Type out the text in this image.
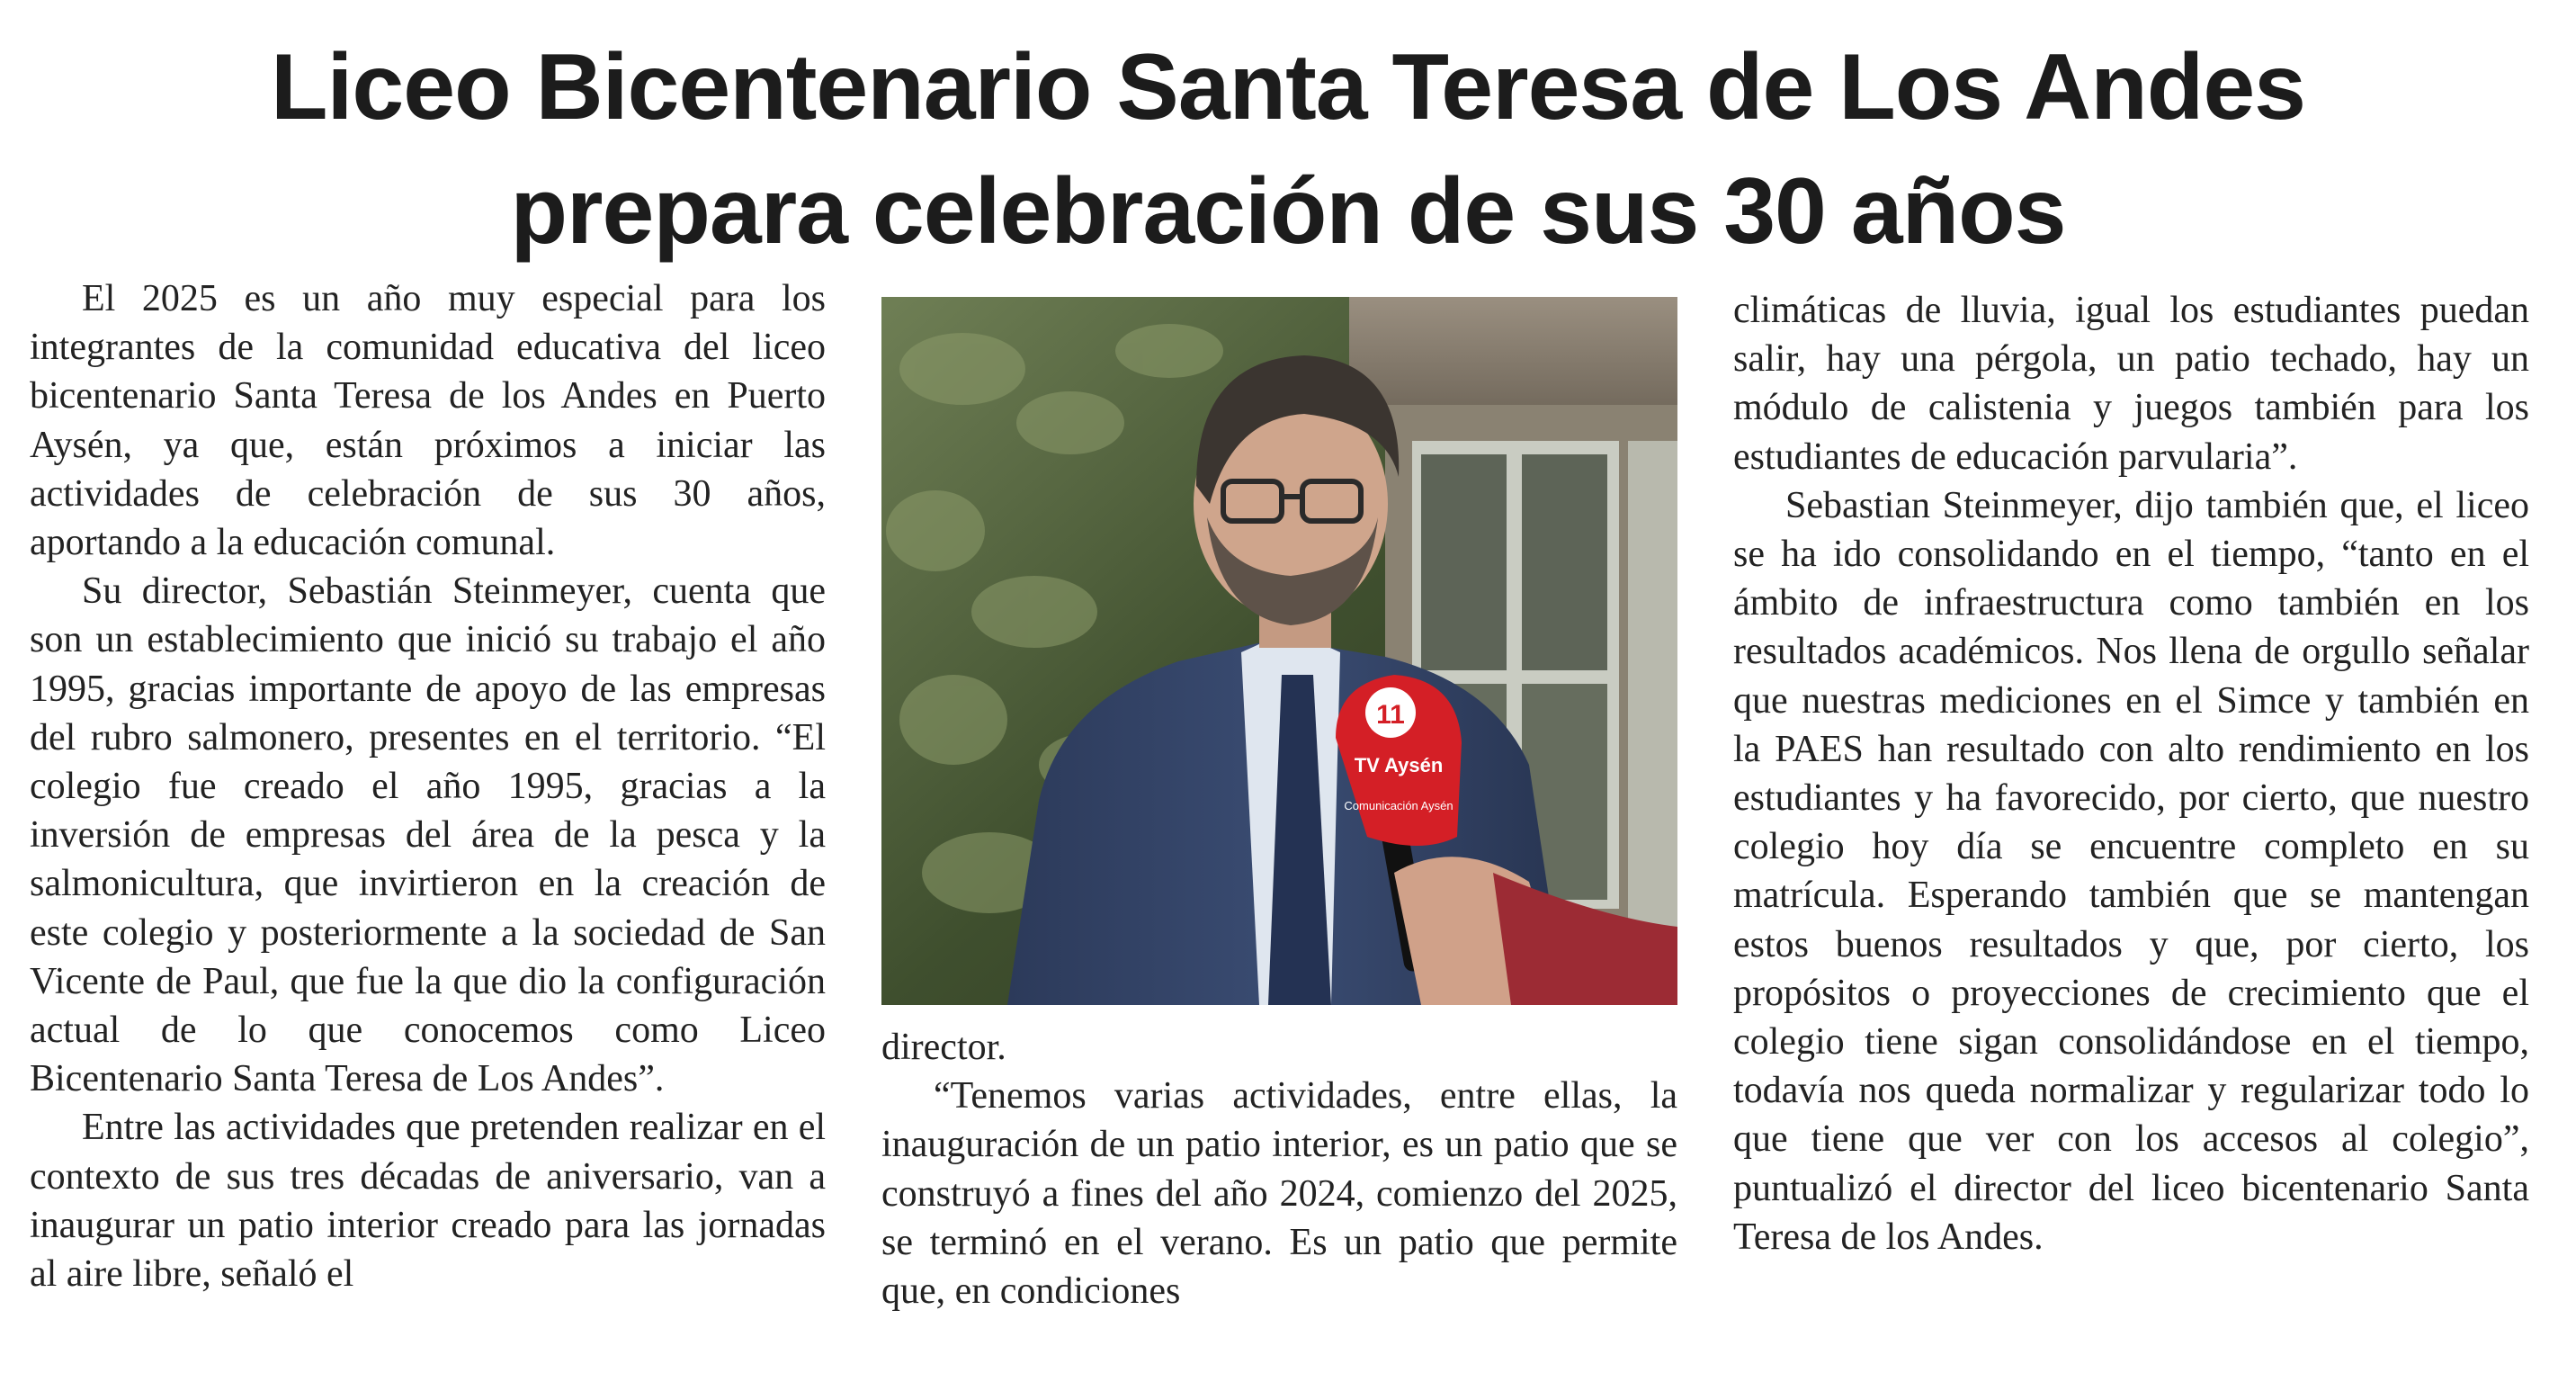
Liceo Bicentenario Santa Teresa de Los Andes
prepara celebración de sus 30 años

El 2025 es un año muy especial para los integrantes de la comunidad educativa del liceo bicentenario Santa Teresa de los Andes en Puerto Aysén, ya que, están próximos a iniciar las actividades de celebración de sus 30 años, aportando a la educación comunal.

Su director, Sebastián Steinmeyer, cuenta que son un establecimiento que inició su trabajo el año 1995, gracias importante de apoyo de las empresas del rubro salmonero, presentes en el territorio. “El colegio fue creado el año 1995, gracias a la inversión de empresas del área de la pesca y la salmonicultura, que invirtieron en la creación de este colegio y posteriormente a la sociedad de San Vicente de Paul, que fue la que dio la configuración actual de lo que conocemos como Liceo Bicentenario Santa Teresa de Los Andes”.

Entre las actividades que pretenden realizar en el contexto de sus tres décadas de aniversario, van a inaugurar un patio interior creado para las jornadas al aire libre, señaló el

11
TV Aysén
Comunicación Aysén

director.

“Tenemos varias actividades, entre ellas, la inauguración de un patio interior, es un patio que se construyó a fines del año 2024, comienzo del 2025, se terminó en el verano. Es un patio que permite que, en condiciones

climáticas de lluvia, igual los estudiantes puedan salir, hay una pérgola, un patio techado, hay un módulo de calistenia y juegos también para los estudiantes de educación parvularia”.

Sebastian Steinmeyer, dijo también que, el liceo se ha ido consolidando en el tiempo, “tanto en el ámbito de infraestructura como también en los resultados académicos. Nos llena de orgullo señalar que nuestras mediciones en el Simce y también en la PAES han resultado con alto rendimiento en los estudiantes y ha favorecido, por cierto, que nuestro colegio hoy día se encuentre completo en su matrícula. Esperando también que se mantengan estos buenos resultados y que, por cierto, los propósitos o proyecciones de crecimiento que el colegio tiene sigan consolidándose en el tiempo, todavía nos queda normalizar y regularizar todo lo que tiene que ver con los accesos al colegio”, puntualizó el director del liceo bicentenario Santa Teresa de los Andes.
